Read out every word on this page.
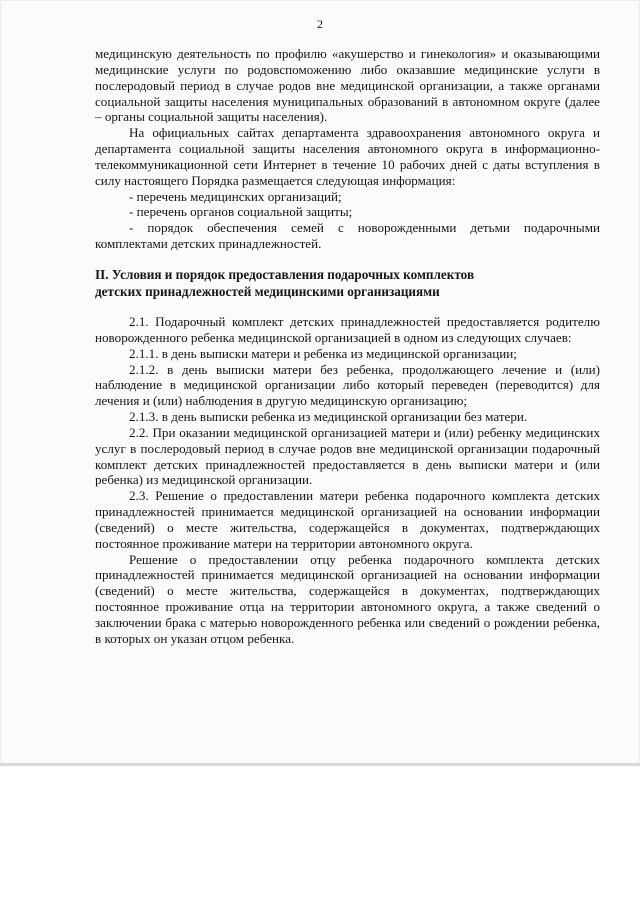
2

медицинскую деятельность по профилю «акушерство и гинекология» и оказывающими медицинские услуги по родовспоможению либо оказавшие медицинские услуги в послеродовый период в случае родов вне медицинской организации, а также органами социальной защиты населения муниципальных образований в автономном округе (далее – органы социальной защиты населения).

На официальных сайтах департамента здравоохранения автономного округа и департамента социальной защиты населения автономного округа в информационно-телекоммуникационной сети Интернет в течение 10 рабочих дней с даты вступления в силу настоящего Порядка размещается следующая информация:

- перечень медицинских организаций;

- перечень органов социальной защиты;

- порядок обеспечения семей с новорожденными детьми подарочными комплектами детских принадлежностей.

II. Условия и порядок предоставления подарочных комплектов
детских принадлежностей медицинскими организациями

2.1. Подарочный комплект детских принадлежностей предоставляется родителю новорожденного ребенка медицинской организацией в одном из следующих случаев:

2.1.1. в день выписки матери и ребенка из медицинской организации;

2.1.2. в день выписки матери без ребенка, продолжающего лечение и (или) наблюдение в медицинской организации либо который переведен (переводится) для лечения и (или) наблюдения в другую медицинскую организацию;

2.1.3. в день выписки ребенка из медицинской организации без матери.

2.2. При оказании медицинской организацией матери и (или) ребенку медицинских услуг в послеродовый период в случае родов вне медицинской организации подарочный комплект детских принадлежностей предоставляется в день выписки матери и (или ребенка) из медицинской организации.

2.3. Решение о предоставлении матери ребенка подарочного комплекта детских принадлежностей принимается медицинской организацией на основании информации (сведений) о месте жительства, содержащейся в документах, подтверждающих постоянное проживание матери на территории автономного округа.

Решение о предоставлении отцу ребенка подарочного комплекта детских принадлежностей принимается медицинской организацией на основании информации (сведений) о месте жительства, содержащейся в документах, подтверждающих постоянное проживание отца на территории автономного округа, а также сведений о заключении брака с матерью новорожденного ребенка или сведений о рождении ребенка, в которых он указан отцом ребенка.
